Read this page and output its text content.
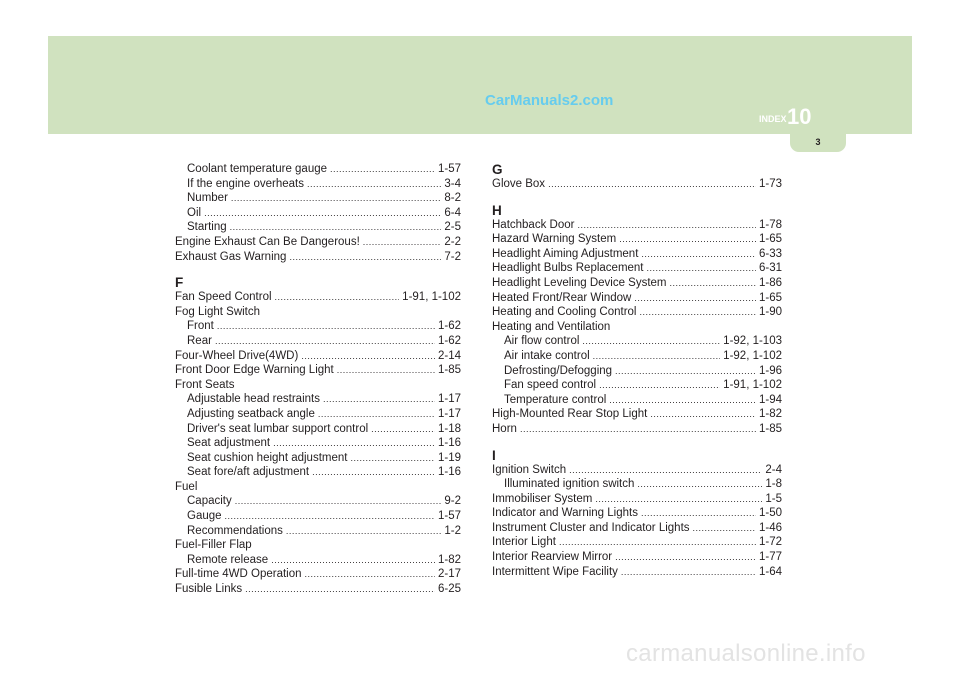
CarManuals2.com
INDEX 10
3
Coolant temperature gauge .....	1-57
If the engine overheats .....	3-4
Number .....	8-2
Oil .....	6-4
Starting .....	2-5
Engine Exhaust Can Be Dangerous! .....	2-2
Exhaust Gas Warning .....	7-2
F
Fan Speed Control .....	1-91, 1-102
Fog Light Switch
Front .....	1-62
Rear .....	1-62
Four-Wheel Drive(4WD) .....	2-14
Front Door Edge Warning Light .....	1-85
Front Seats
Adjustable head restraints .....	1-17
Adjusting seatback angle .....	1-17
Driver's seat lumbar support control .....	1-18
Seat adjustment .....	1-16
Seat cushion height adjustment .....	1-19
Seat fore/aft adjustment .....	1-16
Fuel
Capacity .....	9-2
Gauge .....	1-57
Recommendations .....	1-2
Fuel-Filler Flap
Remote release .....	1-82
Full-time 4WD Operation .....	2-17
Fusible Links .....	6-25
G
Glove Box .....	1-73
H
Hatchback Door .....	1-78
Hazard Warning System .....	1-65
Headlight Aiming Adjustment .....	6-33
Headlight Bulbs Replacement .....	6-31
Headlight Leveling Device System .....	1-86
Heated Front/Rear Window .....	1-65
Heating and Cooling Control .....	1-90
Heating and Ventilation
Air flow control .....	1-92, 1-103
Air intake control .....	1-92, 1-102
Defrosting/Defogging .....	1-96
Fan speed control .....	1-91, 1-102
Temperature control .....	1-94
High-Mounted Rear Stop Light .....	1-82
Horn .....	1-85
I
Ignition Switch .....	2-4
Illuminated ignition switch .....	1-8
Immobiliser System .....	1-5
Indicator and Warning Lights .....	1-50
Instrument Cluster and Indicator Lights .....	1-46
Interior Light .....	1-72
Interior Rearview Mirror .....	1-77
Intermittent Wipe Facility .....	1-64
carmanualsonline.info
